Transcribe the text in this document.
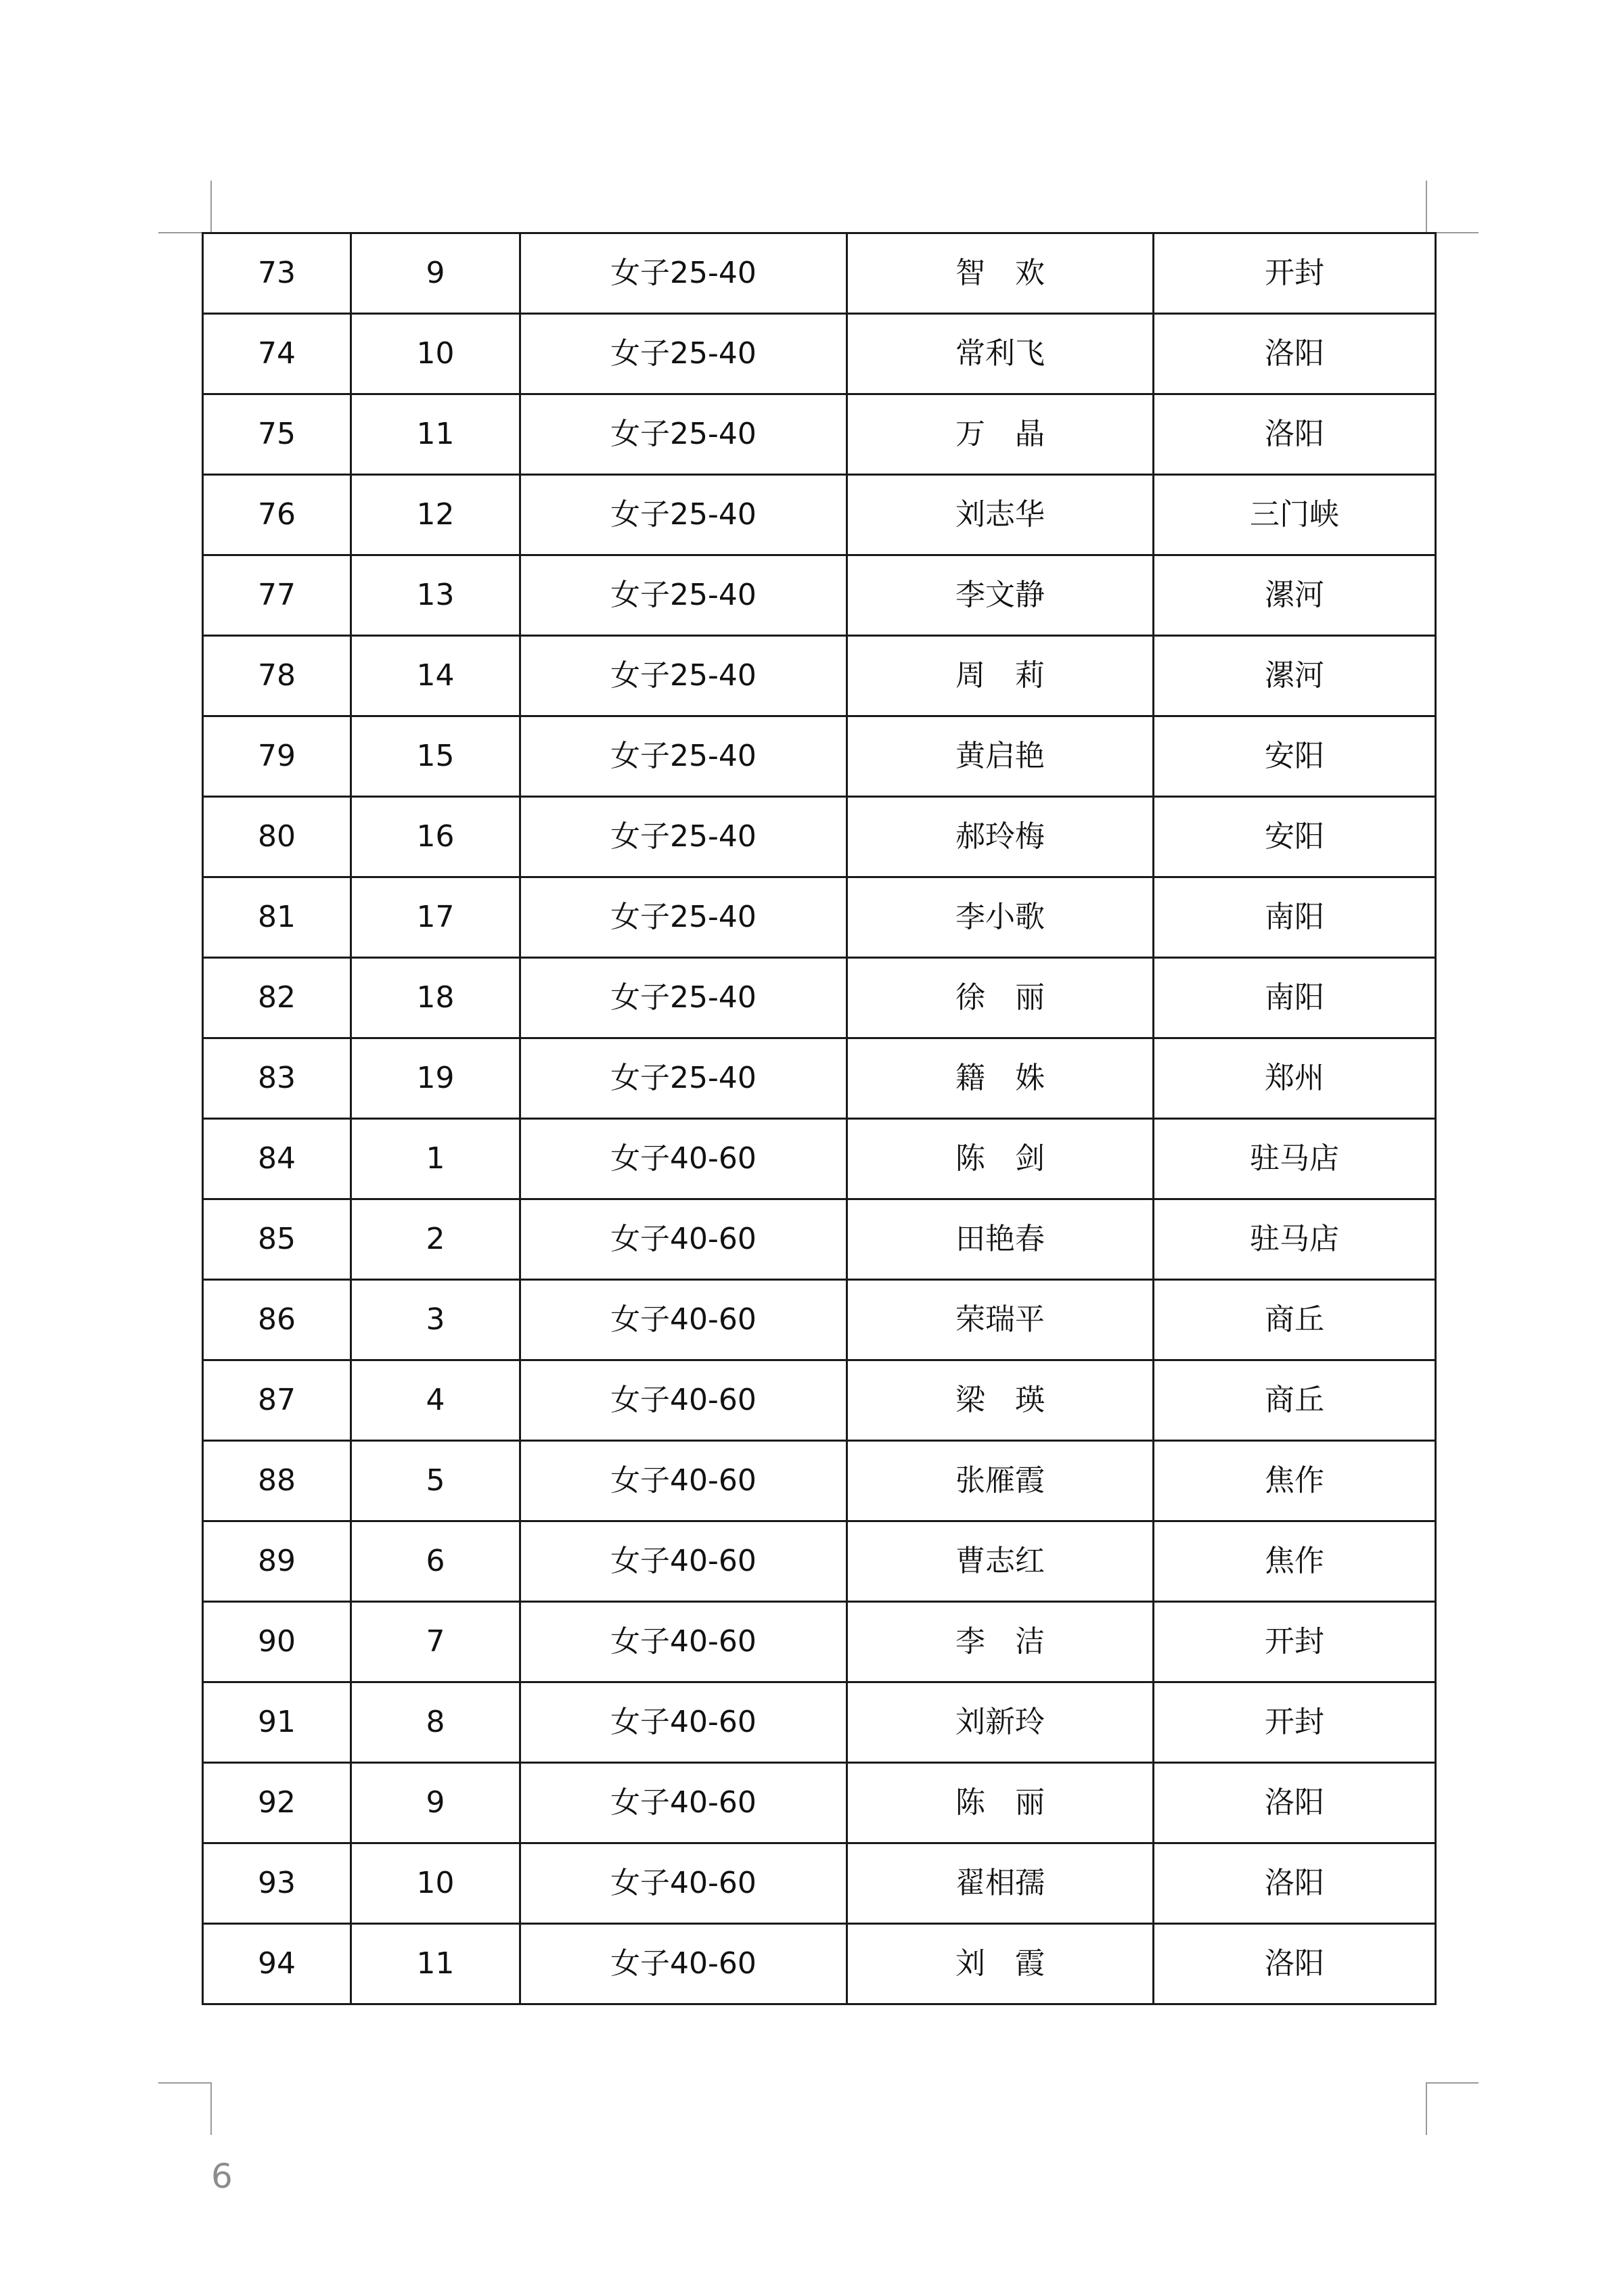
73	9	女子25-40	智　欢	开封
74	10	女子25-40	常利飞	洛阳
75	11	女子25-40	万　晶	洛阳
76	12	女子25-40	刘志华	三门峡
77	13	女子25-40	李文静	漯河
78	14	女子25-40	周　莉	漯河
79	15	女子25-40	黄启艳	安阳
80	16	女子25-40	郝玲梅	安阳
81	17	女子25-40	李小歌	南阳
82	18	女子25-40	徐　丽	南阳
83	19	女子25-40	籍　姝	郑州
84	1	女子40-60	陈　剑	驻马店
85	2	女子40-60	田艳春	驻马店
86	3	女子40-60	荣瑞平	商丘
87	4	女子40-60	梁　瑛	商丘
88	5	女子40-60	张雁霞	焦作
89	6	女子40-60	曹志红	焦作
90	7	女子40-60	李　洁	开封
91	8	女子40-60	刘新玲	开封
92	9	女子40-60	陈　丽	洛阳
93	10	女子40-60	翟相孺	洛阳
94	11	女子40-60	刘　霞	洛阳
6
